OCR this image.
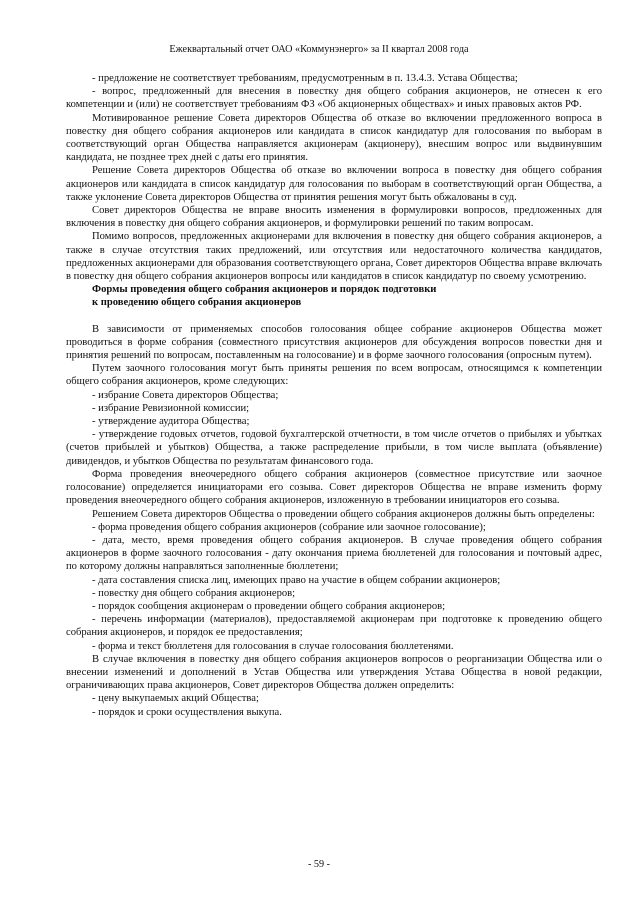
Ежеквартальный отчет ОАО «Коммунэнерго» за II квартал 2008 года

- предложение не соответствует требованиям, предусмотренным в п. 13.4.3. Устава Общества;

- вопрос, предложенный для внесения в повестку дня общего собрания акционеров, не отнесен к его компетенции и (или) не соответствует требованиям ФЗ «Об акционерных обществах» и иных правовых актов РФ.

Мотивированное решение Совета директоров Общества об отказе во включении предложенного вопроса в повестку дня общего собрания акционеров или кандидата в список кандидатур для голосования по выборам в соответствующий орган Общества направляется акционерам (акционеру), внесшим вопрос или выдвинувшим кандидата, не позднее трех дней с даты его принятия.

Решение Совета директоров Общества об отказе во включении вопроса в повестку дня общего собрания акционеров или кандидата в список кандидатур для голосования по выборам в соответствующий орган Общества, а также уклонение Совета директоров Общества от принятия решения могут быть обжалованы в суд.

Совет директоров Общества не вправе вносить изменения в формулировки вопросов, предложенных для включения в повестку дня общего собрания акционеров, и формулировки решений по таким вопросам.

Помимо вопросов, предложенных акционерами для включения в повестку дня общего собрания акционеров, а также в случае отсутствия таких предложений, или отсутствия или недостаточного количества кандидатов, предложенных акционерами для образования соответствующего органа, Совет директоров Общества вправе включать в повестку дня общего собрания акционеров вопросы или кандидатов в список кандидатур по своему усмотрению.

Формы проведения общего собрания акционеров и порядок подготовки
к проведению общего собрания акционеров

В зависимости от применяемых способов голосования общее собрание акционеров Общества может проводиться в форме собрания (совместного присутствия акционеров для обсуждения вопросов повестки дня и принятия решений по вопросам, поставленным на голосование) и в форме заочного голосования (опросным путем).

Путем заочного голосования могут быть приняты решения по всем вопросам, относящимся к компетенции общего собрания акционеров, кроме следующих:

- избрание Совета директоров Общества;

- избрание Ревизионной комиссии;

- утверждение аудитора Общества;

- утверждение годовых отчетов, годовой бухгалтерской отчетности, в том числе отчетов о прибылях и убытках (счетов прибылей и убытков) Общества, а также распределение прибыли, в том числе выплата (объявление) дивидендов, и убытков Общества по результатам финансового года.

Форма проведения внеочередного общего собрания акционеров (совместное присутствие или заочное голосование) определяется инициаторами его созыва. Совет директоров Общества не вправе изменить форму проведения внеочередного общего собрания акционеров, изложенную в требовании инициаторов его созыва.

Решением Совета директоров Общества о проведении общего собрания акционеров должны быть определены:

- форма проведения общего собрания акционеров (собрание или заочное голосование);

- дата, место, время проведения общего собрания акционеров. В случае проведения общего собрания акционеров в форме заочного голосования - дату окончания приема бюллетеней для голосования и почтовый адрес, по которому должны направляться заполненные бюллетени;

- дата составления списка лиц, имеющих право на участие в общем собрании акционеров;

- повестку дня общего собрания акционеров;

- порядок сообщения акционерам о проведении общего собрания акционеров;

- перечень информации (материалов), предоставляемой акционерам при подготовке к проведению общего собрания акционеров, и порядок ее предоставления;

- форма и текст бюллетеня для голосования в случае голосования бюллетенями.

В случае включения в повестку дня общего собрания акционеров вопросов о реорганизации Общества или о внесении изменений и дополнений в Устав Общества или утверждения Устава Общества в новой редакции, ограничивающих права акционеров, Совет директоров Общества должен определить:

- цену выкупаемых акций Общества;

- порядок и сроки осуществления выкупа.

- 59 -
